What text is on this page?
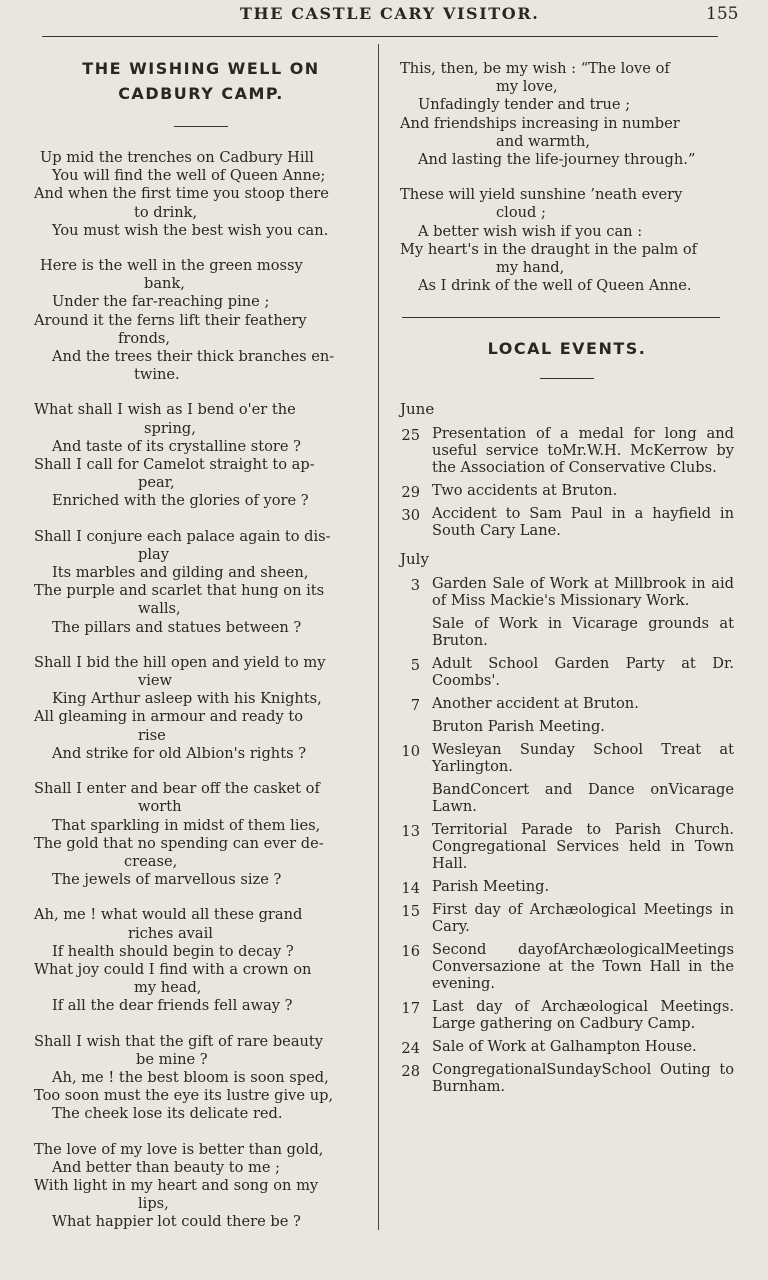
THE CASTLE CARY VISITOR.	155
THE WISHING WELL ON
CADBURY CAMP.
Up mid the trenches on Cadbury Hill
You will find the well of Queen Anne;
And when the first time you stoop there
to drink,
You must wish the best wish you can.
Here is the well in the green mossy
bank,
Under the far-reaching pine ;
Around it the ferns lift their feathery
fronds,
And the trees their thick branches en-
twine.
What shall I wish as I bend o'er the
spring,
And taste of its crystalline store ?
Shall I call for Camelot straight to ap-
pear,
Enriched with the glories of yore ?
Shall I conjure each palace again to dis-
play
Its marbles and gilding and sheen,
The purple and scarlet that hung on its
walls,
The pillars and statues between ?
Shall I bid the hill open and yield to my
view
King Arthur asleep with his Knights,
All gleaming in armour and ready to
rise
And strike for old Albion's rights ?
Shall I enter and bear off the casket of
worth
That sparkling in midst of them lies,
The gold that no spending can ever de-
crease,
The jewels of marvellous size ?
Ah, me ! what would all these grand
riches avail
If health should begin to decay ?
What joy could I find with a crown on
my head,
If all the dear friends fell away ?
Shall I wish that the gift of rare beauty
be mine ?
Ah, me ! the best bloom is soon sped,
Too soon must the eye its lustre give up,
The cheek lose its delicate red.
The love of my love is better than gold,
And better than beauty to me ;
With light in my heart and song on my
lips,
What happier lot could there be ?
This, then, be my wish : “The love of
my love,
Unfadingly tender and true ;
And friendships increasing in number
and warmth,
And lasting the life-journey through.”
These will yield sunshine ’neath every
cloud ;
A better wish wish if you can :
My heart's in the draught in the palm of
my hand,
As I drink of the well of Queen Anne.
LOCAL EVENTS.
June
25 Presentation of a medal for long and useful service toMr.W.H. McKerrow by the Association of Conservative Clubs.
29 Two accidents at Bruton.
30 Accident to Sam Paul in a hayfield in South Cary Lane.
July
3 Garden Sale of Work at Millbrook in aid of Miss Mackie's Missionary Work.
Sale of Work in Vicarage grounds at Bruton.
5 Adult School Garden Party at Dr. Coombs'.
7 Another accident at Bruton.
Bruton Parish Meeting.
10 Wesleyan Sunday School Treat at Yarlington.
BandConcert and Dance onVicarage Lawn.
13 Territorial Parade to Parish Church. Congregational Services held in Town Hall.
14 Parish Meeting.
15 First day of Archæological Meetings in Cary.
16 Second dayofArchæologicalMeetings Conversazione at the Town Hall in the evening.
17 Last day of Archæological Meetings. Large gathering on Cadbury Camp.
24 Sale of Work at Galhampton House.
28 CongregationalSundaySchool Outing to Burnham.
